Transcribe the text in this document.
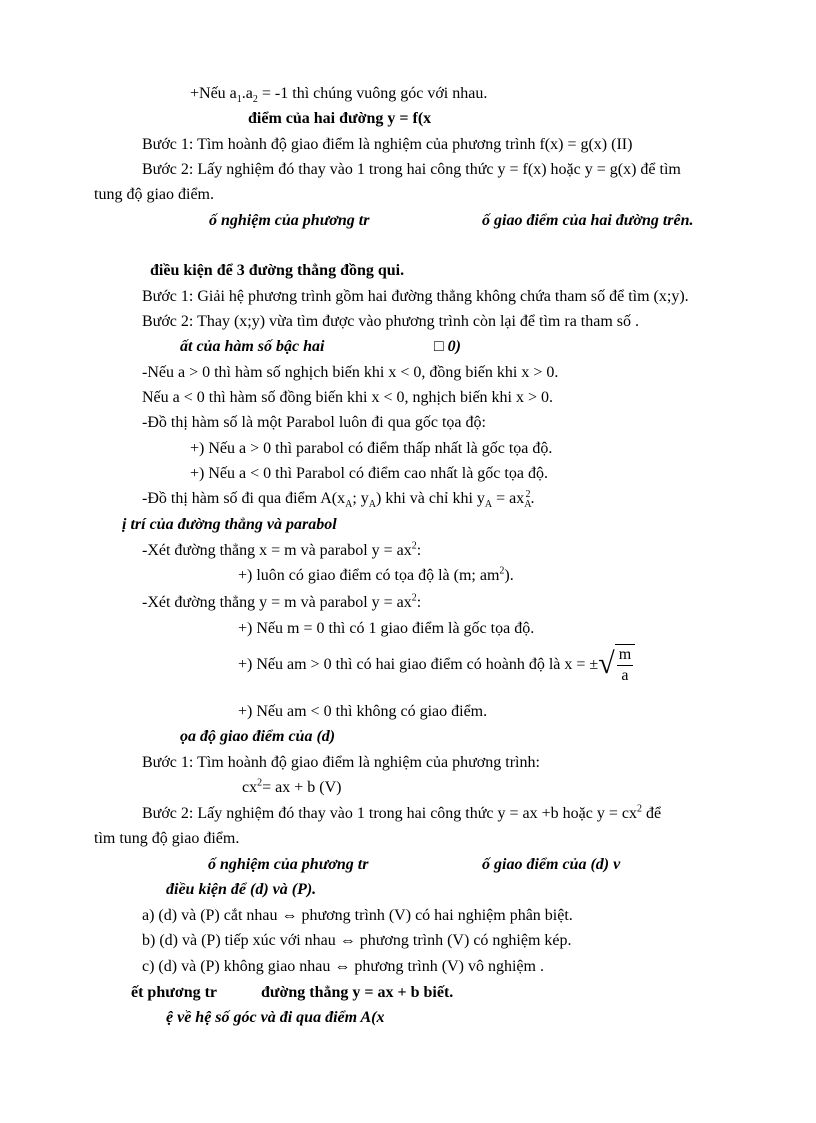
+Nếu $a_1.a_2 = -1$ thì chúng vuông góc với nhau.
điểm của hai đường y = f(x
Bước 1: Tìm hoành độ giao điểm là nghiệm của phương trình f(x) = g(x) (II)
Bước 2: Lấy nghiệm đó thay vào 1 trong hai công thức y = f(x) hoặc y = g(x) để tìm
tung độ giao điểm.
ố nghiệm của phương tr	ố giao điểm của hai đường trên.
điều kiện để 3 đường thẳng đồng qui.
Bước 1: Giải hệ phương trình gồm hai đường thẳng không chứa tham số để tìm (x;y).
Bước 2: Thay (x;y) vừa tìm được vào phương trình còn lại để tìm ra tham số .
ất của hàm số bậc hai	□ 0)
-Nếu a > 0 thì hàm số nghịch biến khi x < 0, đồng biến khi x > 0.
Nếu a < 0 thì hàm số đồng biến khi x < 0, nghịch biến khi x > 0.
-Đồ thị hàm số là một Parabol luôn đi qua gốc tọa độ:
+) Nếu a > 0 thì parabol có điểm thấp nhất là gốc tọa độ.
+) Nếu a < 0 thì Parabol có điểm cao nhất là gốc tọa độ.
-Đồ thị hàm số đi qua điểm $A(x_A$; $y_A$) khi và chỉ khi $y_A = ax_A^2$.
ị trí của đường thẳng và parabol
-Xét đường thẳng x = m và parabol $y = ax^2$:
+) luôn có giao điểm có tọa độ là (m; $am^2$).
-Xét đường thẳng y = m và parabol $y = ax^2$:
+) Nếu m = 0 thì có 1 giao điểm là gốc tọa độ.
+) Nếu am > 0 thì có hai giao điểm có hoành độ là x = ± √ $\frac{m}{a}$
+) Nếu am < 0 thì không có giao điểm.
ọa độ giao điểm của (d)
Bước 1: Tìm hoành độ giao điểm là nghiệm của phương trình:
$cx^2=$ ax + b (V)
Bước 2: Lấy nghiệm đó thay vào 1 trong hai công thức y = ax +b hoặc $y = cx^2$ để
tìm tung độ giao điểm.
ố nghiệm của phương tr	ố giao điểm của (d) v
điều kiện để (d) và (P).
a) (d) và (P) cắt nhau ⇔ phương trình (V) có hai nghiệm phân biệt.
b) (d) và (P) tiếp xúc với nhau ⇔ phương trình (V) có nghiệm kép.
c) (d) và (P) không giao nhau ⇔ phương trình (V) vô nghiệm .
ết phương tr	đường thẳng y = ax + b biết.
ệ về hệ số góc và đi qua điểm A(x
